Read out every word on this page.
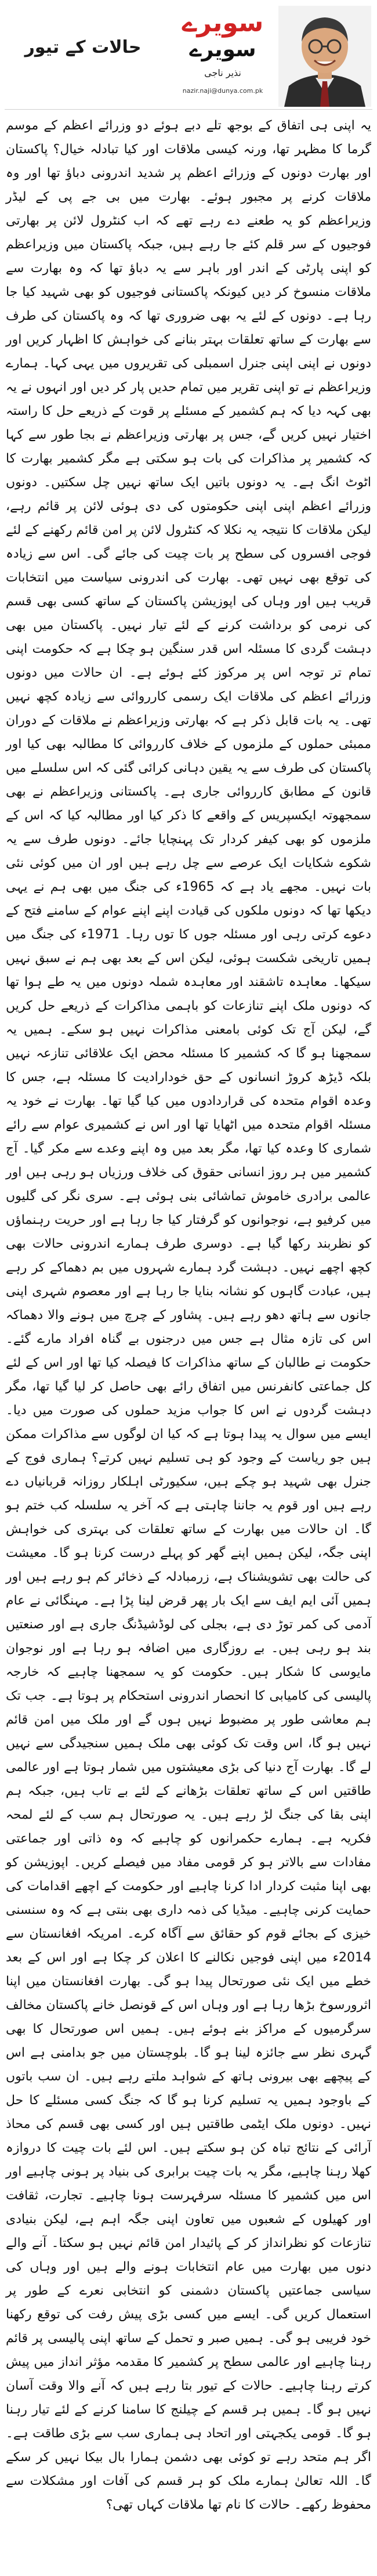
حالات کے تیور
سویرے
سویرے
نذیر ناجی
nazir.naji@dunya.com.pk

یہ اپنی ہی اتفاق کے بوجھ تلے دبے ہوئے دو وزرائے اعظم کے موسم گرما کا مظہر تھا، ورنہ کیسی ملاقات اور کیا تبادلہ خیال؟ پاکستان اور بھارت دونوں کے وزرائے اعظم پر شدید اندرونی دباؤ تھا اور وہ ملاقات کرنے پر مجبور ہوئے۔ بھارت میں بی جے پی کے لیڈر وزیراعظم کو یہ طعنے دے رہے تھے کہ اب کنٹرول لائن پر بھارتی فوجیوں کے سر قلم کئے جا رہے ہیں، جبکہ پاکستان میں وزیراعظم کو اپنی پارٹی کے اندر اور باہر سے یہ دباؤ تھا کہ وہ بھارت سے ملاقات منسوخ کر دیں کیونکہ پاکستانی فوجیوں کو بھی شہید کیا جا رہا ہے۔ دونوں کے لئے یہ بھی ضروری تھا کہ وہ پاکستان کی طرف سے بھارت کے ساتھ تعلقات بہتر بنانے کی خواہش کا اظہار کریں اور دونوں نے اپنی اپنی جنرل اسمبلی کی تقریروں میں یہی کہا۔ ہمارے وزیراعظم نے تو اپنی تقریر میں تمام حدیں پار کر دیں اور انہوں نے یہ بھی کہہ دیا کہ ہم کشمیر کے مسئلے پر قوت کے ذریعے حل کا راستہ اختیار نہیں کریں گے، جس پر بھارتی وزیراعظم نے بجا طور سے کہا کہ کشمیر پر مذاکرات کی بات ہو سکتی ہے مگر کشمیر بھارت کا اٹوٹ انگ ہے۔ یہ دونوں باتیں ایک ساتھ نہیں چل سکتیں۔ دونوں وزرائے اعظم اپنی اپنی حکومتوں کی دی ہوئی لائن پر قائم رہے، لیکن ملاقات کا نتیجہ یہ نکلا کہ کنٹرول لائن پر امن قائم رکھنے کے لئے فوجی افسروں کی سطح پر بات چیت کی جائے گی۔ اس سے زیادہ کی توقع بھی نہیں تھی۔ بھارت کی اندرونی سیاست میں انتخابات قریب ہیں اور وہاں کی اپوزیشن پاکستان کے ساتھ کسی بھی قسم کی نرمی کو برداشت کرنے کے لئے تیار نہیں۔ پاکستان میں بھی دہشت گردی کا مسئلہ اس قدر سنگین ہو چکا ہے کہ حکومت اپنی تمام تر توجہ اس پر مرکوز کئے ہوئے ہے۔ ان حالات میں دونوں وزرائے اعظم کی ملاقات ایک رسمی کارروائی سے زیادہ کچھ نہیں تھی۔ یہ بات قابل ذکر ہے کہ بھارتی وزیراعظم نے ملاقات کے دوران ممبئی حملوں کے ملزموں کے خلاف کارروائی کا مطالبہ بھی کیا اور پاکستان کی طرف سے یہ یقین دہانی کرائی گئی کہ اس سلسلے میں قانون کے مطابق کارروائی جاری ہے۔ پاکستانی وزیراعظم نے بھی سمجھوتہ ایکسپریس کے واقعے کا ذکر کیا اور مطالبہ کیا کہ اس کے ملزموں کو بھی کیفر کردار تک پہنچایا جائے۔ دونوں طرف سے یہ شکوے شکایات ایک عرصے سے چل رہے ہیں اور ان میں کوئی نئی بات نہیں۔ مجھے یاد ہے کہ 1965ء کی جنگ میں بھی ہم نے یہی دیکھا تھا کہ دونوں ملکوں کی قیادت اپنے اپنے عوام کے سامنے فتح کے دعوے کرتی رہی اور مسئلہ جوں کا توں رہا۔ 1971ء کی جنگ میں ہمیں تاریخی شکست ہوئی، لیکن اس کے بعد بھی ہم نے سبق نہیں سیکھا۔ معاہدہ تاشقند اور معاہدہ شملہ دونوں میں یہ طے ہوا تھا کہ دونوں ملک اپنے تنازعات کو باہمی مذاکرات کے ذریعے حل کریں گے، لیکن آج تک کوئی بامعنی مذاکرات نہیں ہو سکے۔ ہمیں یہ سمجھنا ہو گا کہ کشمیر کا مسئلہ محض ایک علاقائی تنازعہ نہیں بلکہ ڈیڑھ کروڑ انسانوں کے حق خودارادیت کا مسئلہ ہے، جس کا وعدہ اقوام متحدہ کی قراردادوں میں کیا گیا تھا۔ بھارت نے خود یہ مسئلہ اقوام متحدہ میں اٹھایا تھا اور اس نے کشمیری عوام سے رائے شماری کا وعدہ کیا تھا، مگر بعد میں وہ اپنے وعدے سے مکر گیا۔ آج کشمیر میں ہر روز انسانی حقوق کی خلاف ورزیاں ہو رہی ہیں اور عالمی برادری خاموش تماشائی بنی ہوئی ہے۔ سری نگر کی گلیوں میں کرفیو ہے، نوجوانوں کو گرفتار کیا جا رہا ہے اور حریت رہنماؤں کو نظربند رکھا گیا ہے۔ دوسری طرف ہمارے اندرونی حالات بھی کچھ اچھے نہیں۔ دہشت گرد ہمارے شہروں میں بم دھماکے کر رہے ہیں، عبادت گاہوں کو نشانہ بنایا جا رہا ہے اور معصوم شہری اپنی جانوں سے ہاتھ دھو رہے ہیں۔ پشاور کے چرچ میں ہونے والا دھماکہ اس کی تازہ مثال ہے جس میں درجنوں بے گناہ افراد مارے گئے۔ حکومت نے طالبان کے ساتھ مذاکرات کا فیصلہ کیا تھا اور اس کے لئے کل جماعتی کانفرنس میں اتفاق رائے بھی حاصل کر لیا گیا تھا، مگر دہشت گردوں نے اس کا جواب مزید حملوں کی صورت میں دیا۔ ایسے میں سوال یہ پیدا ہوتا ہے کہ کیا ان لوگوں سے مذاکرات ممکن ہیں جو ریاست کے وجود کو ہی تسلیم نہیں کرتے؟ ہماری فوج کے جنرل بھی شہید ہو چکے ہیں، سکیورٹی اہلکار روزانہ قربانیاں دے رہے ہیں اور قوم یہ جاننا چاہتی ہے کہ آخر یہ سلسلہ کب ختم ہو گا۔ ان حالات میں بھارت کے ساتھ تعلقات کی بہتری کی خواہش اپنی جگہ، لیکن ہمیں اپنے گھر کو پہلے درست کرنا ہو گا۔ معیشت کی حالت بھی تشویشناک ہے، زرمبادلہ کے ذخائر کم ہو رہے ہیں اور ہمیں آئی ایم ایف سے ایک بار پھر قرض لینا پڑا ہے۔ مہنگائی نے عام آدمی کی کمر توڑ دی ہے، بجلی کی لوڈشیڈنگ جاری ہے اور صنعتیں بند ہو رہی ہیں۔ بے روزگاری میں اضافہ ہو رہا ہے اور نوجوان مایوسی کا شکار ہیں۔ حکومت کو یہ سمجھنا چاہیے کہ خارجہ پالیسی کی کامیابی کا انحصار اندرونی استحکام پر ہوتا ہے۔ جب تک ہم معاشی طور پر مضبوط نہیں ہوں گے اور ملک میں امن قائم نہیں ہو گا، اس وقت تک کوئی بھی ملک ہمیں سنجیدگی سے نہیں لے گا۔ بھارت آج دنیا کی بڑی معیشتوں میں شمار ہوتا ہے اور عالمی طاقتیں اس کے ساتھ تعلقات بڑھانے کے لئے بے تاب ہیں، جبکہ ہم اپنی بقا کی جنگ لڑ رہے ہیں۔ یہ صورتحال ہم سب کے لئے لمحہ فکریہ ہے۔ ہمارے حکمرانوں کو چاہیے کہ وہ ذاتی اور جماعتی مفادات سے بالاتر ہو کر قومی مفاد میں فیصلے کریں۔ اپوزیشن کو بھی اپنا مثبت کردار ادا کرنا چاہیے اور حکومت کے اچھے اقدامات کی حمایت کرنی چاہیے۔ میڈیا کی ذمہ داری بھی بنتی ہے کہ وہ سنسنی خیزی کے بجائے قوم کو حقائق سے آگاہ کرے۔ امریکہ افغانستان سے 2014ء میں اپنی فوجیں نکالنے کا اعلان کر چکا ہے اور اس کے بعد خطے میں ایک نئی صورتحال پیدا ہو گی۔ بھارت افغانستان میں اپنا اثرورسوخ بڑھا رہا ہے اور وہاں اس کے قونصل خانے پاکستان مخالف سرگرمیوں کے مراکز بنے ہوئے ہیں۔ ہمیں اس صورتحال کا بھی گہری نظر سے جائزہ لینا ہو گا۔ بلوچستان میں جو بدامنی ہے اس کے پیچھے بھی بیرونی ہاتھ کے شواہد ملتے رہے ہیں۔ ان سب باتوں کے باوجود ہمیں یہ تسلیم کرنا ہو گا کہ جنگ کسی مسئلے کا حل نہیں۔ دونوں ملک ایٹمی طاقتیں ہیں اور کسی بھی قسم کی محاذ آرائی کے نتائج تباہ کن ہو سکتے ہیں۔ اس لئے بات چیت کا دروازہ کھلا رہنا چاہیے، مگر یہ بات چیت برابری کی بنیاد پر ہونی چاہیے اور اس میں کشمیر کا مسئلہ سرفہرست ہونا چاہیے۔ تجارت، ثقافت اور کھیلوں کے شعبوں میں تعاون اپنی جگہ اہم ہے، لیکن بنیادی تنازعات کو نظرانداز کر کے پائیدار امن قائم نہیں ہو سکتا۔ آنے والے دنوں میں بھارت میں عام انتخابات ہونے والے ہیں اور وہاں کی سیاسی جماعتیں پاکستان دشمنی کو انتخابی نعرے کے طور پر استعمال کریں گی۔ ایسے میں کسی بڑی پیش رفت کی توقع رکھنا خود فریبی ہو گی۔ ہمیں صبر و تحمل کے ساتھ اپنی پالیسی پر قائم رہنا چاہیے اور عالمی سطح پر کشمیر کا مقدمہ مؤثر انداز میں پیش کرتے رہنا چاہیے۔ حالات کے تیور بتا رہے ہیں کہ آنے والا وقت آسان نہیں ہو گا۔ ہمیں ہر قسم کے چیلنج کا سامنا کرنے کے لئے تیار رہنا ہو گا۔ قومی یکجہتی اور اتحاد ہی ہماری سب سے بڑی طاقت ہے۔ اگر ہم متحد رہے تو کوئی بھی دشمن ہمارا بال بیکا نہیں کر سکے گا۔ اللہ تعالیٰ ہمارے ملک کو ہر قسم کی آفات اور مشکلات سے محفوظ رکھے۔ حالات کا نام تھا ملاقات کہاں تھی؟
